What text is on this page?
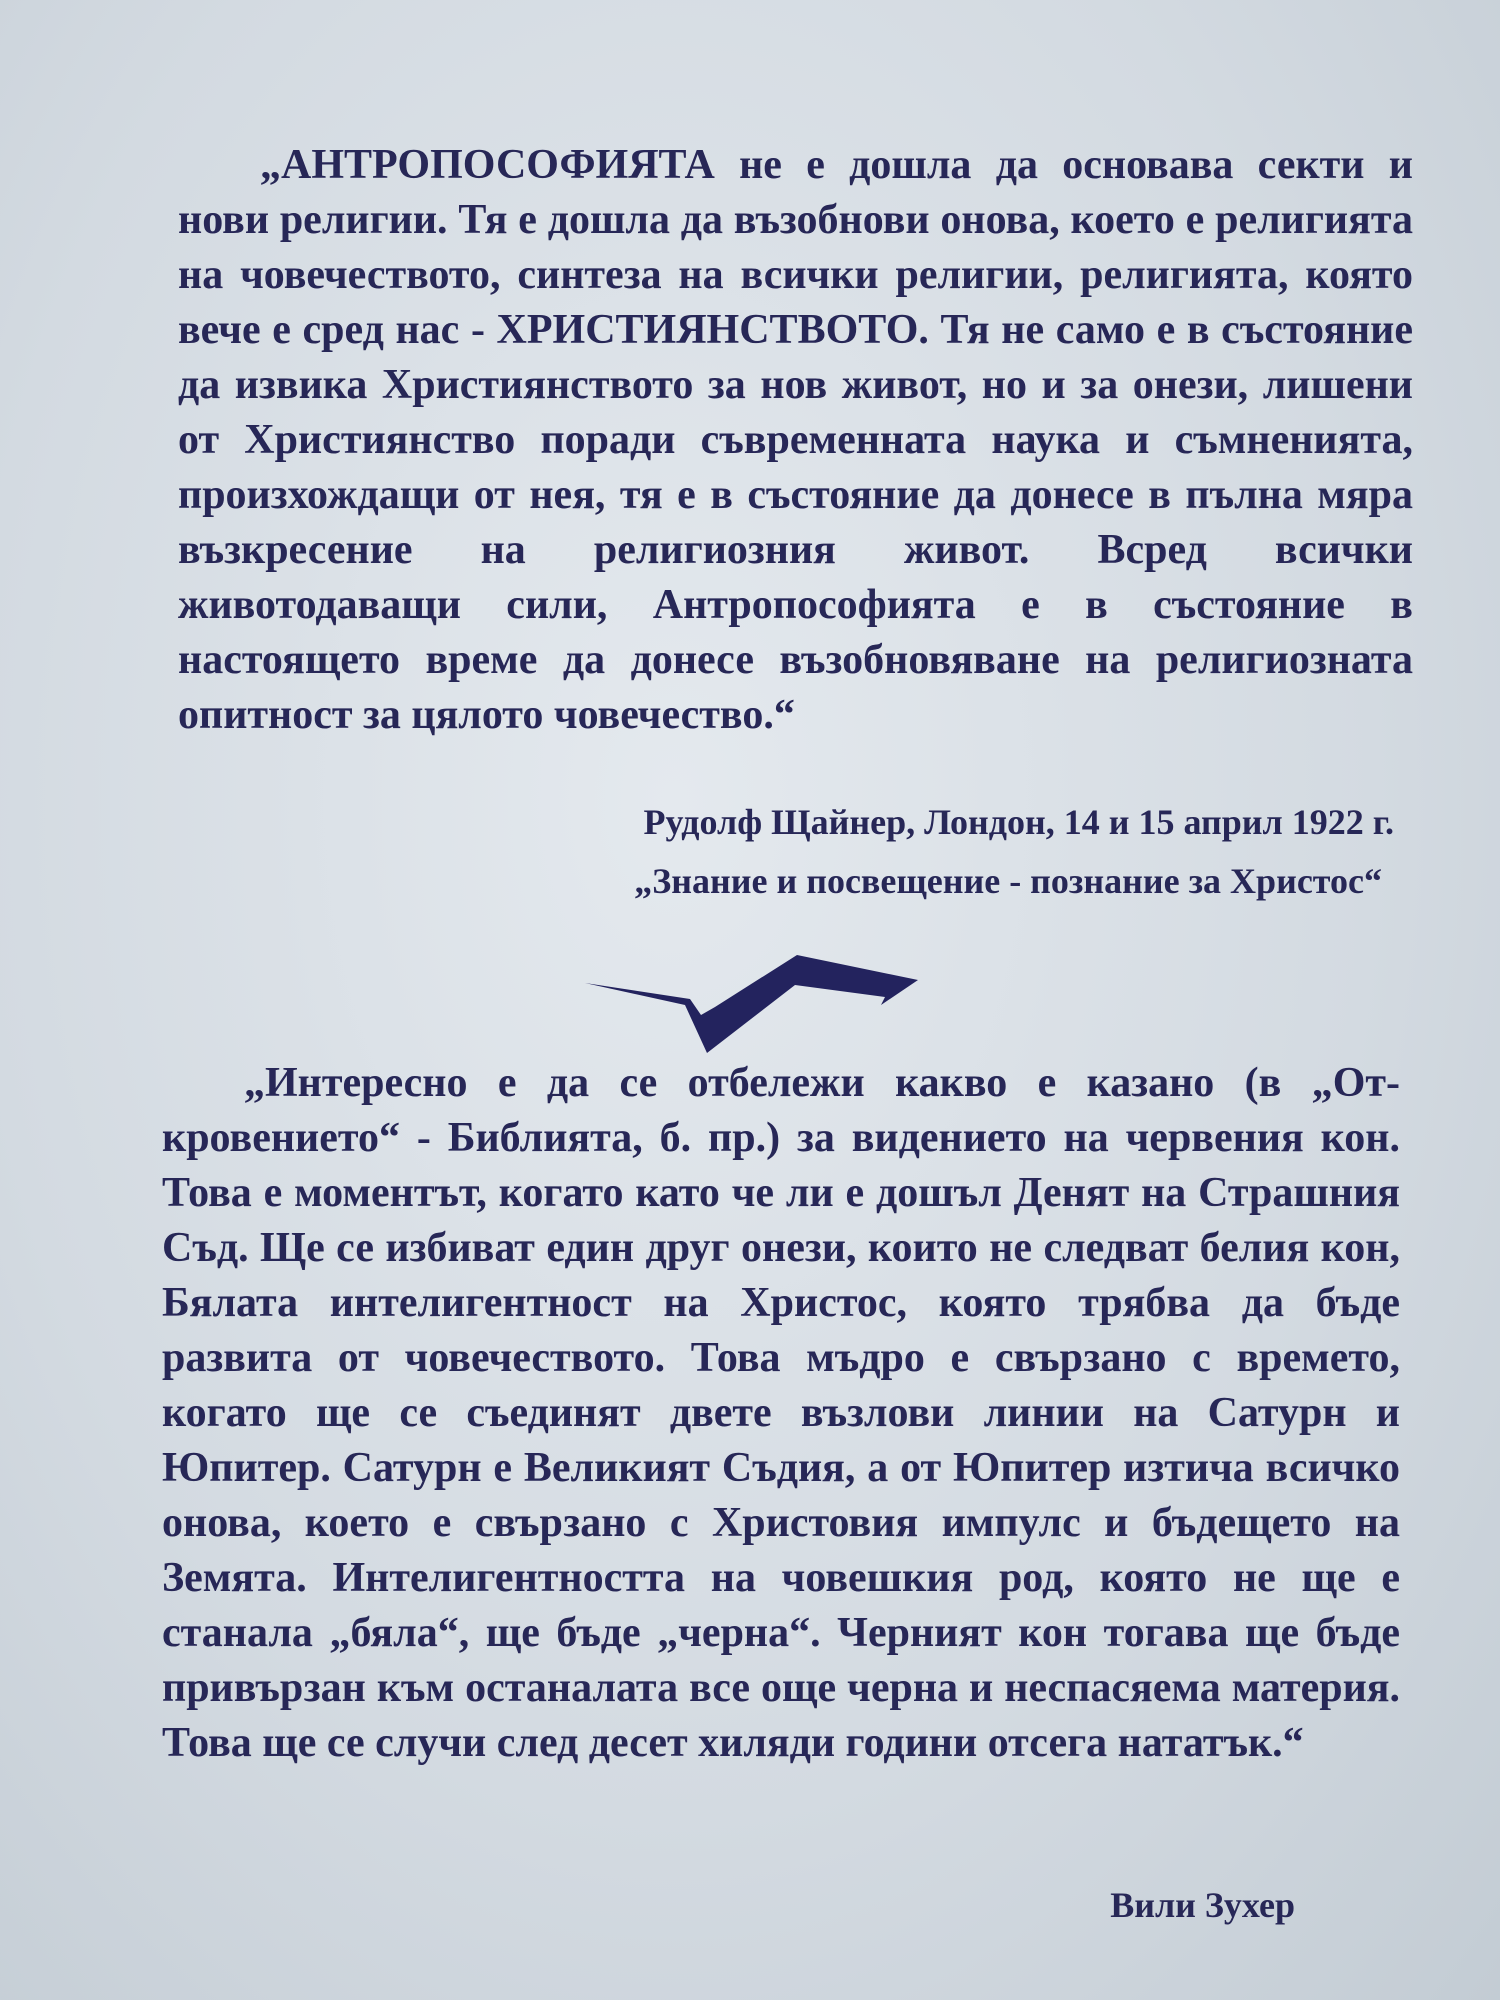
„АНТРОПОСОФИЯТА не е дошла да основава секти и нови религии. Тя е дошла да възобнови онова, което е религията на човечеството, синтеза на всички религии, религията, която вече е сред нас - ХРИСТИЯНСТВОТО. Тя не само е в състояние да извика Християнството за нов живот, но и за онези, лишени от Християнство поради съвременната наука и съмненията, произхождащи от нея, тя е в състояние да донесе в пълна мяра възкресение на религиозния живот. Всред всички животодаващи сили, Антропософията е в състояние в настоящето време да донесе възобновяване на религиозната опитност за цялото човечество.“

Рудолф Щайнер, Лондон, 14 и 15 април 1922 г.

„Знание и посвещение - познание за Христос“

„Интересно е да се отбележи какво е казано (в „Откровението“ - Библията, б. пр.) за видението на червения кон. Това е моментът, когато като че ли е дошъл Денят на Страшния Съд. Ще се избиват един друг онези, които не следват белия кон, Бялата интелигентност на Христос, която трябва да бъде развита от човечеството. Това мъдро е свързано с времето, когато ще се съединят двете възлови линии на Сатурн и Юпитер. Сатурн е Великият Съдия, а от Юпитер изтича всичко онова, което е свързано с Христовия импулс и бъдещето на Земята. Интелигентността на човешкия род, която не ще е станала „бяла“, ще бъде „черна“. Черният кон тогава ще бъде привързан към останалата все още черна и неспасяема материя. Това ще се случи след десет хиляди години отсега нататък.“

Вили Зухер
